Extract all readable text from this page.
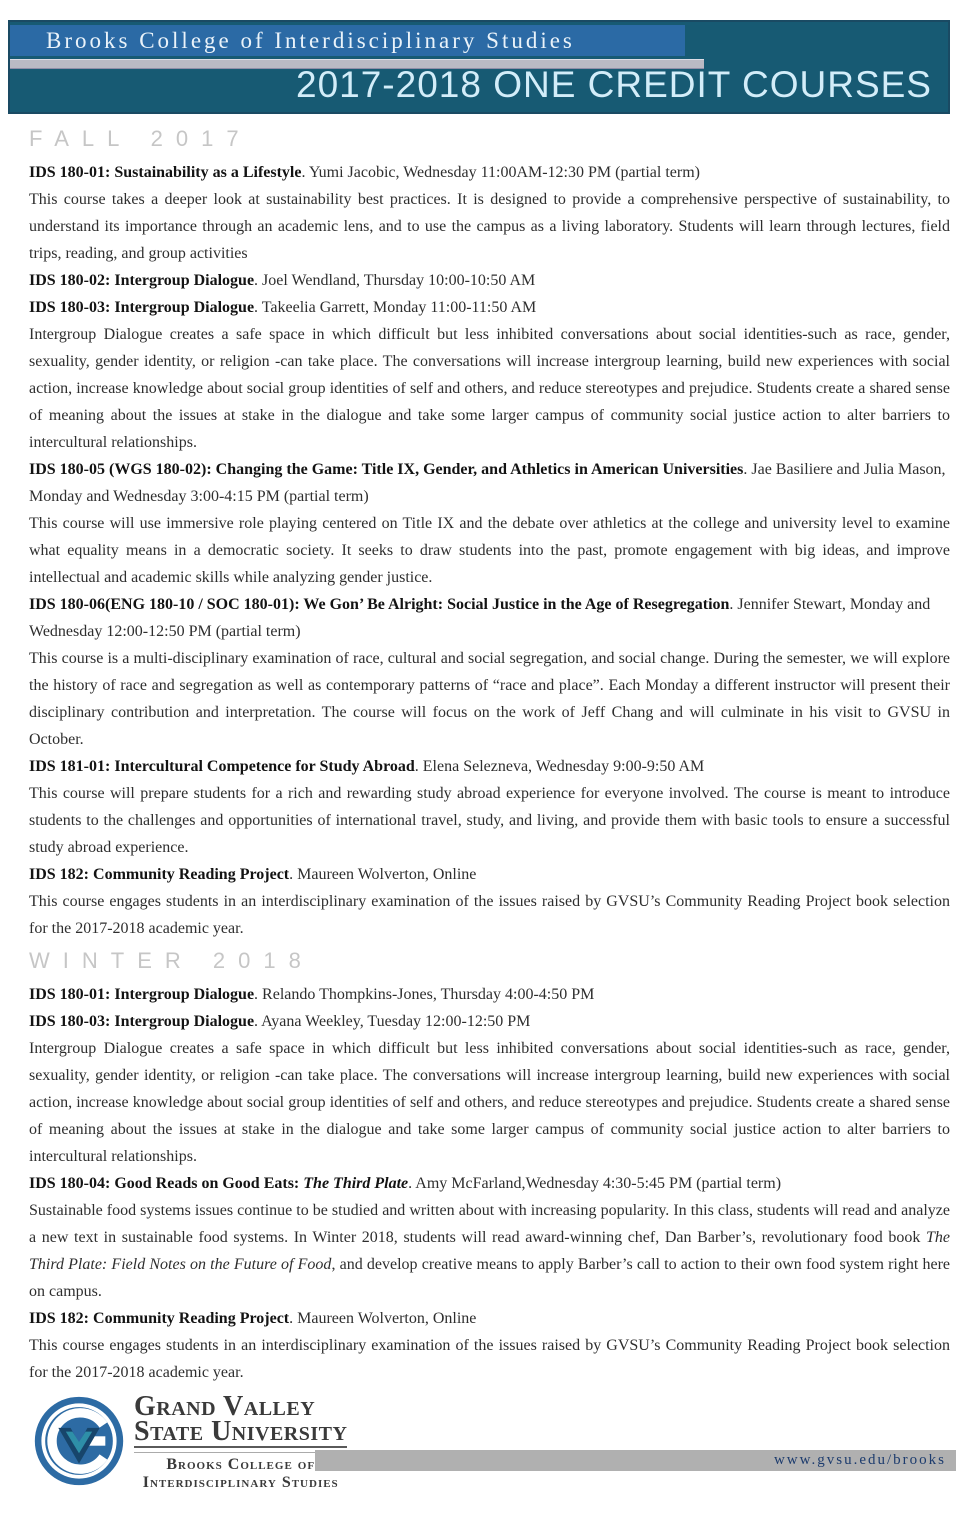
Brooks College of Interdisciplinary Studies
2017-2018 ONE CREDIT COURSES
FALL 2017

IDS 180-01: Sustainability as a Lifestyle. Yumi Jacobic, Wednesday 11:00AM-12:30 PM (partial term)

This course takes a deeper look at sustainability best practices. It is designed to provide a comprehensive perspective of sustainability, to understand its importance through an academic lens, and to use the campus as a living laboratory. Students will learn through lectures, field trips, reading, and group activities

IDS 180-02: Intergroup Dialogue. Joel Wendland, Thursday 10:00-10:50 AM

IDS 180-03: Intergroup Dialogue. Takeelia Garrett, Monday 11:00-11:50 AM

Intergroup Dialogue creates a safe space in which difficult but less inhibited conversations about social identities-such as race, gender, sexuality, gender identity, or religion -can take place. The conversations will increase intergroup learning, build new experiences with social action, increase knowledge about social group identities of self and others, and reduce stereotypes and prejudice. Students create a shared sense of meaning about the issues at stake in the dialogue and take some larger campus of community social justice action to alter barriers to intercultural relationships.

IDS 180-05 (WGS 180-02): Changing the Game: Title IX, Gender, and Athletics in American Universities. Jae Basiliere and Julia Mason, Monday and Wednesday 3:00-4:15 PM (partial term)

This course will use immersive role playing centered on Title IX and the debate over athletics at the college and university level to examine what equality means in a democratic society. It seeks to draw students into the past, promote engagement with big ideas, and improve intellectual and academic skills while analyzing gender justice.

IDS 180-06(ENG 180-10 / SOC 180-01): We Gon’ Be Alright: Social Justice in the Age of Resegregation. Jennifer Stewart, Monday and Wednesday 12:00-12:50 PM (partial term)

This course is a multi-disciplinary examination of race, cultural and social segregation, and social change. During the semester, we will explore the history of race and segregation as well as contemporary patterns of “race and place”. Each Monday a different instructor will present their disciplinary contribution and interpretation. The course will focus on the work of Jeff Chang and will culminate in his visit to GVSU in October.

IDS 181-01: Intercultural Competence for Study Abroad. Elena Selezneva, Wednesday 9:00-9:50 AM

This course will prepare students for a rich and rewarding study abroad experience for everyone involved. The course is meant to introduce students to the challenges and opportunities of international travel, study, and living, and provide them with basic tools to ensure a successful study abroad experience.

IDS 182: Community Reading Project. Maureen Wolverton, Online

This course engages students in an interdisciplinary examination of the issues raised by GVSU’s Community Reading Project book selection for the 2017-2018 academic year.

WINTER 2018

IDS 180-01: Intergroup Dialogue. Relando Thompkins-Jones, Thursday 4:00-4:50 PM

IDS 180-03: Intergroup Dialogue. Ayana Weekley, Tuesday 12:00-12:50 PM

Intergroup Dialogue creates a safe space in which difficult but less inhibited conversations about social identities-such as race, gender, sexuality, gender identity, or religion -can take place. The conversations will increase intergroup learning, build new experiences with social action, increase knowledge about social group identities of self and others, and reduce stereotypes and prejudice. Students create a shared sense of meaning about the issues at stake in the dialogue and take some larger campus of community social justice action to alter barriers to intercultural relationships.

IDS 180-04: Good Reads on Good Eats: The Third Plate. Amy McFarland,Wednesday 4:30-5:45 PM (partial term)

Sustainable food systems issues continue to be studied and written about with increasing popularity. In this class, students will read and analyze a new text in sustainable food systems. In Winter 2018, students will read award-winning chef, Dan Barber’s, revolutionary food book The Third Plate: Field Notes on the Future of Food, and develop creative means to apply Barber’s call to action to their own food system right here on campus.

IDS 182: Community Reading Project. Maureen Wolverton, Online

This course engages students in an interdisciplinary examination of the issues raised by GVSU’s Community Reading Project book selection for the 2017-2018 academic year.

Grand Valley
State University
Brooks College of
Interdisciplinary Studies
www.gvsu.edu/brooks
